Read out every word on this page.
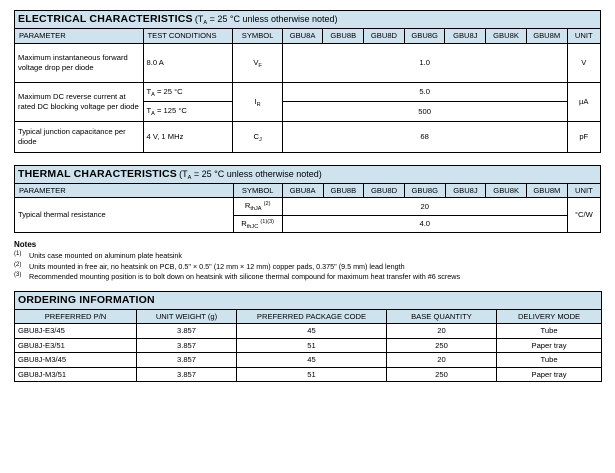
ELECTRICAL CHARACTERISTICS ($T_A = 25$ °C unless otherwise noted)										
PARAMETER	TEST CONDITIONS	SYMBOL	GBU8A	GBU8B	GBU8D	GBU8G	GBU8J	GBU8K	GBU8M	UNIT
Maximum instantaneous forward voltage drop per diode	8.0 A	$V_F$	1.0							V
Maximum DC reverse current at rated DC blocking voltage per diode	$T_A = 25$ °C	$I_R$	5.0							µA
	$T_A = 125$ °C		500							
Typical junction capacitance per diode	4 V, 1 MHz	$C_J$	68							pF
THERMAL CHARACTERISTICS ($T_A = 25$ °C unless otherwise noted)									
PARAMETER	SYMBOL	GBU8A	GBU8B	GBU8D	GBU8G	GBU8J	GBU8K	GBU8M	UNIT
Typical thermal resistance	$R_{thJA}$ $^{(2)}$	20							°C/W
	$R_{thJC}$ $^{(1)(3)}$	4.0							
Notes
(1)	Units case mounted on aluminum plate heatsink
(2)	Units mounted in free air, no heatsink on PCB, 0.5" × 0.5" (12 mm × 12 mm) copper pads, 0.375" (9.5 mm) lead length
(3)	Recommended mounting position is to bolt down on heatsink with silicone thermal compound for maximum heat transfer with #6 screws
ORDERING INFORMATION				
PREFERRED P/N	UNIT WEIGHT (g)	PREFERRED PACKAGE CODE	BASE QUANTITY	DELIVERY MODE
GBU8J-E3/45	3.857	45	20	Tube
GBU8J-E3/51	3.857	51	250	Paper tray
GBU8J-M3/45	3.857	45	20	Tube
GBU8J-M3/51	3.857	51	250	Paper tray
